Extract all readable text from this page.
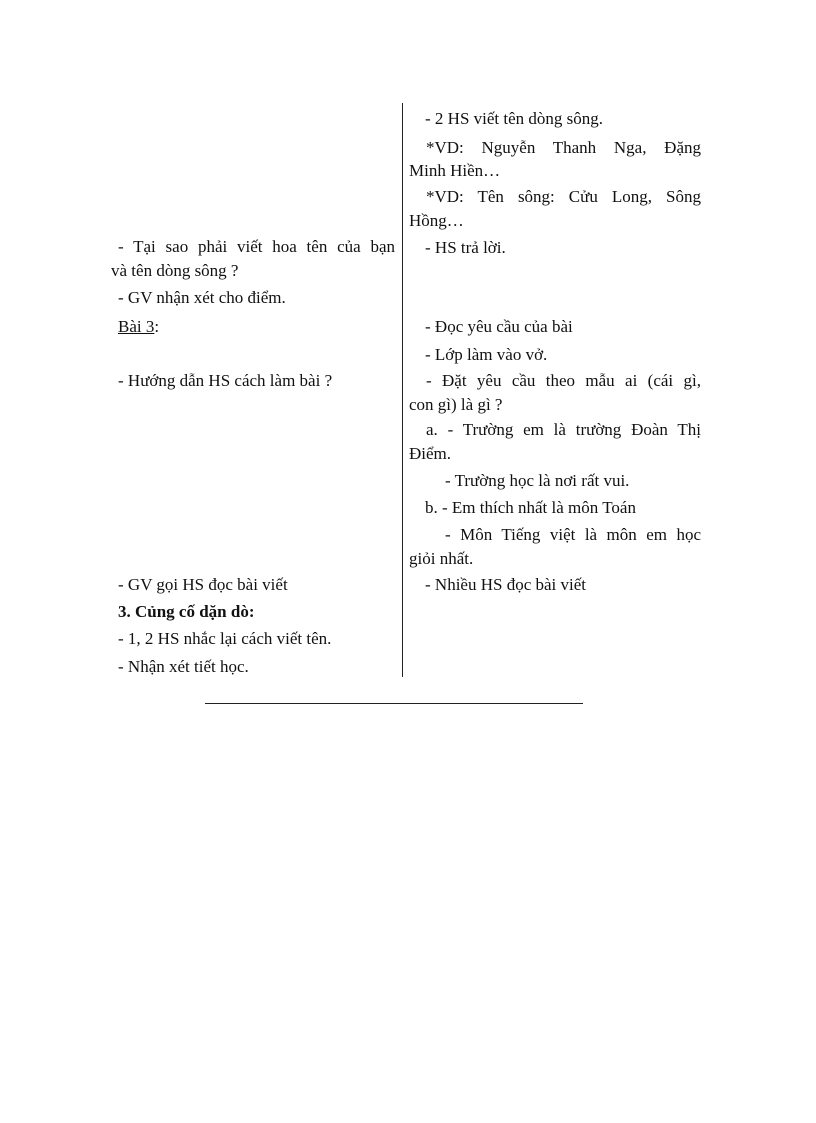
- 2 HS viết tên dòng sông.
*VD: Nguyễn Thanh Nga, Đặng
Minh Hiền…
*VD: Tên sông: Cửu Long, Sông
Hồng…
- HS trả lời.
- Đọc yêu cầu của bài
- Lớp làm vào vở.
- Đặt yêu cầu theo mẫu ai (cái gì,
con gì) là gì ?
a. - Trường em là trường Đoàn Thị
Điểm.
- Trường học là nơi rất vui.
b. - Em thích nhất là môn Toán
- Môn Tiếng việt là môn em học
giỏi nhất.
- Nhiều HS đọc bài viết
- Tại sao phải viết hoa tên của bạn
và tên dòng sông ?
- GV nhận xét cho điểm.
Bài 3:
- Hướng dẫn HS cách làm bài ?
- GV gọi HS đọc bài viết
3. Củng cố dặn dò:
- 1, 2 HS nhắc lại cách viết tên.
- Nhận xét tiết học.
